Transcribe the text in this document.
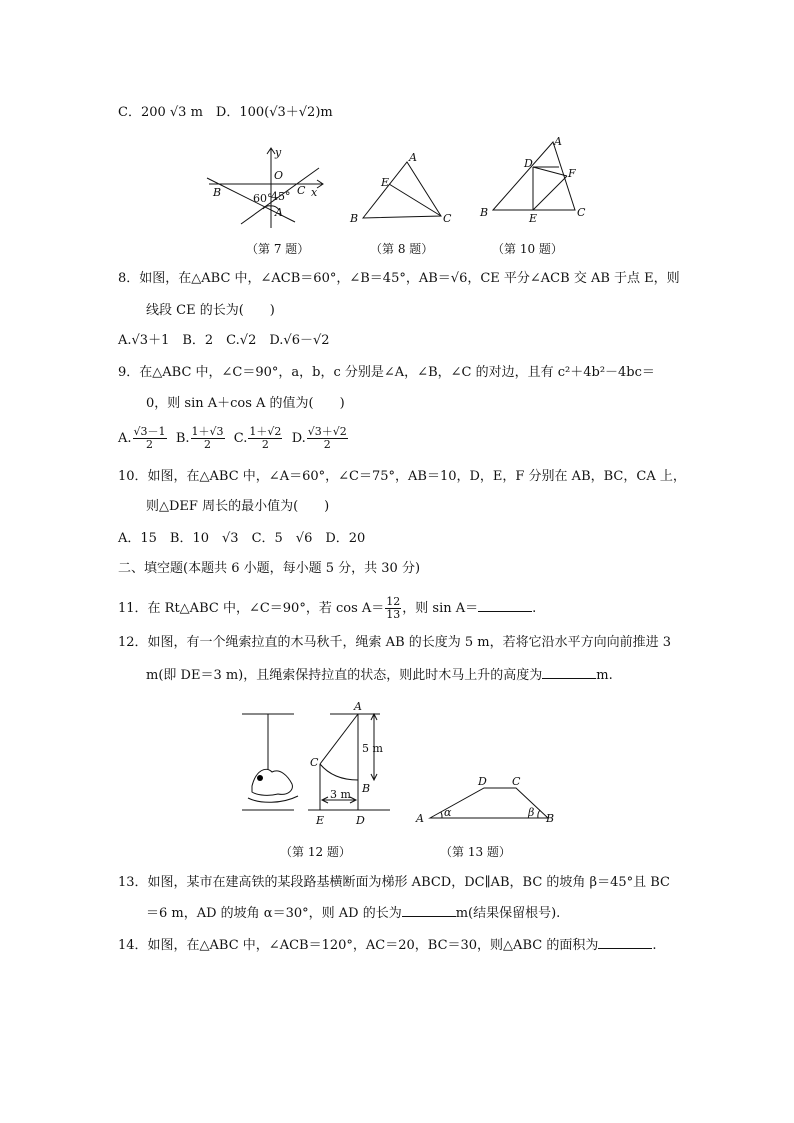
C．200 √3 m　D．100(√3＋√2)m
y
O
B	60°
45° C x
A
（第 7 题）
A
E
B	C
（第 8 题）
A
D
F
B	E	C
（第 10 题）
8．如图，在△ABC 中，∠ACB＝60°，∠B＝45°，AB＝√6，CE 平分∠ACB 交 AB 于点 E，则
线段 CE 的长为(　　)
A.√3＋1　B．2　C.√2　D.√6－√2
9．在△ABC 中，∠C＝90°，a，b，c 分别是∠A，∠B，∠C 的对边，且有 c²＋4b²－4bc＝
0，则 sin A＋cos A 的值为(　　)
A. $\frac{√3-1}{2} B$. $\frac{1+√3}{2} C$. $\frac{1+√2}{2} D$. $\frac{√3+√2}{2}$
10．如图，在△ABC 中，∠A＝60°，∠C＝75°，AB＝10，D，E，F 分别在 AB，BC，CA 上，
则△DEF 周长的最小值为(　　)
A．15　B．10　√3　C．5　√6　D．20
二、填空题(本题共 6 小题，每小题 5 分，共 30 分)
11．在 Rt△ABC 中，∠C＝90°，若 $\cos A= \frac{12}{13}$ ，则 sin A＝	.
12．如图，有一个绳索拉直的木马秋千，绳索 AB 的长度为 5 m，若将它沿水平方向向前推进 3
m(即 DE＝3 m)，且绳索保持拉直的状态，则此时木马上升的高度为	m.
A
C
B
E	D
5 m
3 m
（第 12 题）
D C
A	B
α	β
（第 13 题）
13．如图，某市在建高铁的某段路基横断面为梯形 ABCD，DC∥AB，BC 的坡角 β＝45°且 BC
＝6 m，AD 的坡角 α＝30°，则 AD 的长为	m(结果保留根号).
14．如图，在△ABC 中，∠ACB＝120°，AC＝20，BC＝30，则△ABC 的面积为	.
